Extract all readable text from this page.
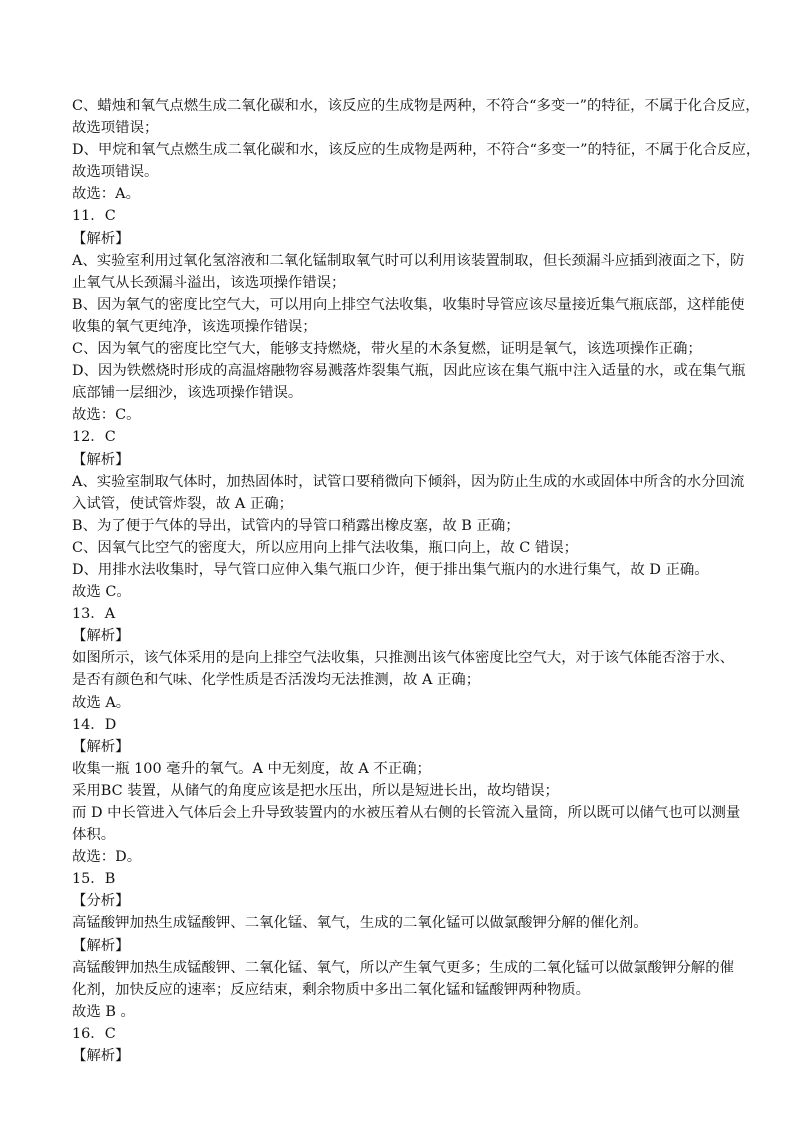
C、蜡烛和氧气点燃生成二氧化碳和水，该反应的生成物是两种，不符合“多变一”的特征，不属于化合反应，
故选项错误；
D、甲烷和氧气点燃生成二氧化碳和水，该反应的生成物是两种，不符合“多变一”的特征，不属于化合反应，
故选项错误。
故选：A。
11．C
【解析】
A、实验室利用过氧化氢溶液和二氧化锰制取氧气时可以利用该装置制取，但长颈漏斗应插到液面之下，防
止氧气从长颈漏斗溢出，该选项操作错误；
B、因为氧气的密度比空气大，可以用向上排空气法收集，收集时导管应该尽量接近集气瓶底部，这样能使
收集的氧气更纯净，该选项操作错误；
C、因为氧气的密度比空气大，能够支持燃烧，带火星的木条复燃，证明是氧气，该选项操作正确；
D、因为铁燃烧时形成的高温熔融物容易溅落炸裂集气瓶，因此应该在集气瓶中注入适量的水，或在集气瓶
底部铺一层细沙，该选项操作错误。
故选：C。
12．C
【解析】
A、实验室制取气体时，加热固体时，试管口要稍微向下倾斜，因为防止生成的水或固体中所含的水分回流
入试管，使试管炸裂，故 A 正确；
B、为了便于气体的导出，试管内的导管口稍露出橡皮塞，故 B 正确；
C、因氧气比空气的密度大，所以应用向上排气法收集，瓶口向上，故 C 错误；
D、用排水法收集时，导气管口应伸入集气瓶口少许，便于排出集气瓶内的水进行集气，故 D 正确。
故选 C。
13．A
【解析】
如图所示，该气体采用的是向上排空气法收集，只推测出该气体密度比空气大，对于该气体能否溶于水、
是否有颜色和气味、化学性质是否活泼均无法推测，故 A 正确；
故选 A。
14．D
【解析】
收集一瓶 100 毫升的氧气。A 中无刻度，故 A 不正确；
采用BC 装置，从储气的角度应该是把水压出，所以是短进长出，故均错误；
而 D 中长管进入气体后会上升导致装置内的水被压着从右侧的长管流入量筒，所以既可以储气也可以测量
体积。
故选：D。
15．B
【分析】
高锰酸钾加热生成锰酸钾、二氧化锰、氧气，生成的二氧化锰可以做氯酸钾分解的催化剂。
【解析】
高锰酸钾加热生成锰酸钾、二氧化锰、氧气，所以产生氧气更多；生成的二氧化锰可以做氯酸钾分解的催
化剂，加快反应的速率；反应结束，剩余物质中多出二氧化锰和锰酸钾两种物质。
故选 B 。
16．C
【解析】
